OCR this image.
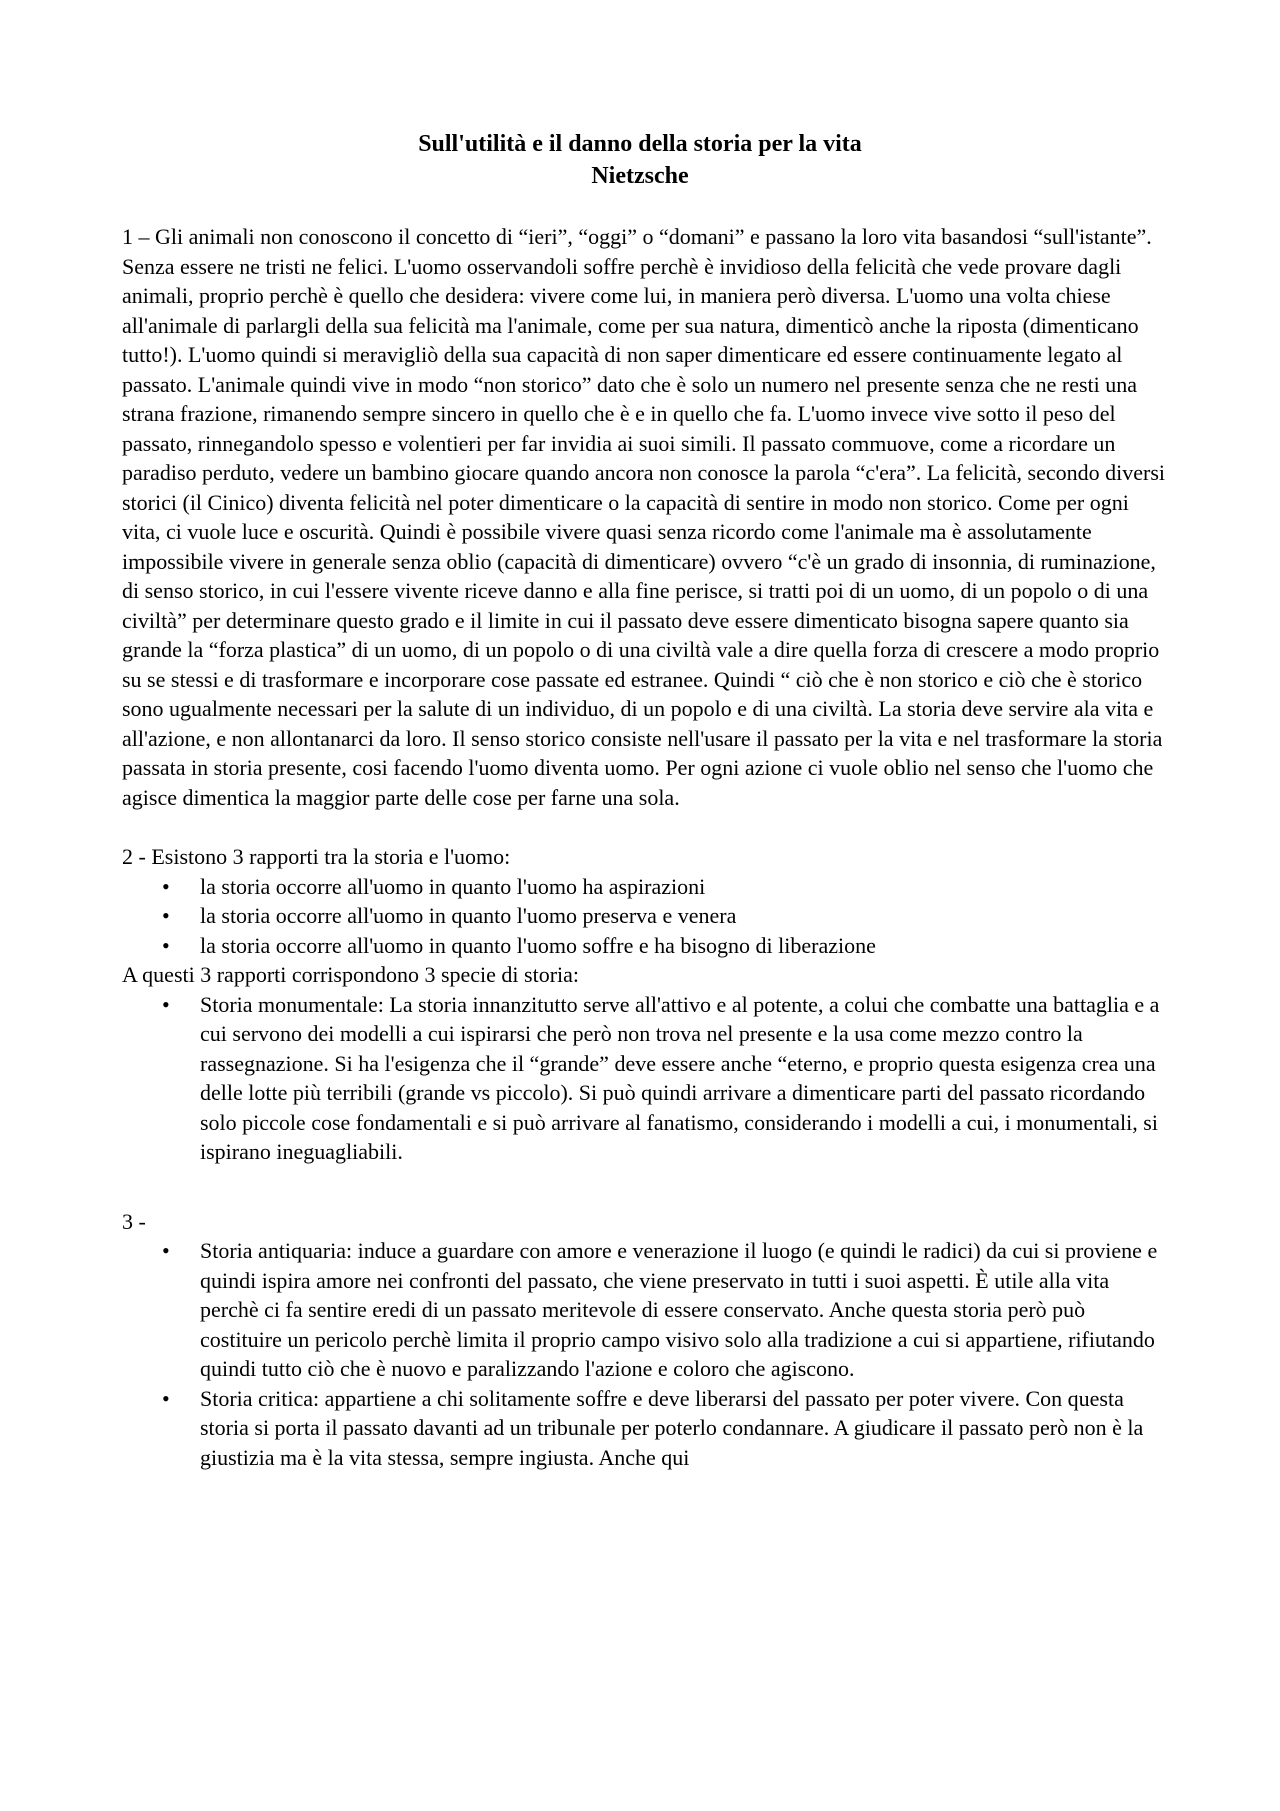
Sull'utilità e il danno della storia per la vita

Nietzsche

1 – Gli animali non conoscono il concetto di “ieri”, “oggi” o “domani” e passano la loro vita basandosi “sull'istante”. Senza essere ne tristi ne felici. L'uomo osservandoli soffre perchè è invidioso della felicità che vede provare dagli animali, proprio perchè è quello che desidera: vivere come lui, in maniera però diversa. L'uomo una volta chiese all'animale di parlargli della sua felicità ma l'animale, come per sua natura, dimenticò anche la riposta (dimenticano tutto!). L'uomo quindi si meravigliò della sua capacità di non saper dimenticare ed essere continuamente legato al passato. L'animale quindi vive in modo “non storico” dato che è solo un numero nel presente senza che ne resti una strana frazione, rimanendo sempre sincero in quello che è e in quello che fa. L'uomo invece vive sotto il peso del passato, rinnegandolo spesso e volentieri per far invidia ai suoi simili. Il passato commuove, come a ricordare un paradiso perduto, vedere un bambino giocare quando ancora non conosce la parola “c'era”. La felicità, secondo diversi storici (il Cinico) diventa felicità nel poter dimenticare o la capacità di sentire in modo non storico. Come per ogni vita, ci vuole luce e oscurità. Quindi è possibile vivere quasi senza ricordo come l'animale ma è assolutamente impossibile vivere in generale senza oblio (capacità di dimenticare) ovvero “c'è un grado di insonnia, di ruminazione, di senso storico, in cui l'essere vivente riceve danno e alla fine perisce, si tratti poi di un uomo, di un popolo o di una civiltà” per determinare questo grado e il limite in cui il passato deve essere dimenticato bisogna sapere quanto sia grande la “forza plastica” di un uomo, di un popolo o di una civiltà vale a dire quella forza di crescere a modo proprio su se stessi e di trasformare e incorporare cose passate ed estranee. Quindi “ ciò che è non storico e ciò che è storico sono ugualmente necessari per la salute di un individuo, di un popolo e di una civiltà. La storia deve servire ala vita e all'azione, e non allontanarci da loro. Il senso storico consiste nell'usare il passato per la vita e nel trasformare la storia passata in storia presente, cosi facendo l'uomo diventa uomo. Per ogni azione ci vuole oblio nel senso che l'uomo che agisce dimentica la maggior parte delle cose per farne una sola.

2 - Esistono 3 rapporti tra la storia e l'uomo:

• la storia occorre all'uomo in quanto l'uomo ha aspirazioni
• la storia occorre all'uomo in quanto l'uomo preserva e venera
• la storia occorre all'uomo in quanto l'uomo soffre e ha bisogno di liberazione

A questi 3 rapporti corrispondono 3 specie di storia:

• Storia monumentale: La storia innanzitutto serve all'attivo e al potente, a colui che combatte una battaglia e a cui servono dei modelli a cui ispirarsi che però non trova nel presente e la usa come mezzo contro la rassegnazione. Si ha l'esigenza che il “grande” deve essere anche “eterno, e proprio questa esigenza crea una delle lotte più terribili (grande vs piccolo). Si può quindi arrivare a dimenticare parti del passato ricordando solo piccole cose fondamentali e si può arrivare al fanatismo, considerando i modelli a cui, i monumentali, si ispirano ineguagliabili.

3 -

• Storia antiquaria: induce a guardare con amore e venerazione il luogo (e quindi le radici) da cui si proviene e quindi ispira amore nei confronti del passato, che viene preservato in tutti i suoi aspetti. È utile alla vita perchè ci fa sentire eredi di un passato meritevole di essere conservato. Anche questa storia però può costituire un pericolo perchè limita il proprio campo visivo solo alla tradizione a cui si appartiene, rifiutando quindi tutto ciò che è nuovo e paralizzando l'azione e coloro che agiscono.
• Storia critica: appartiene a chi solitamente soffre e deve liberarsi del passato per poter vivere. Con questa storia si porta il passato davanti ad un tribunale per poterlo condannare. A giudicare il passato però non è la giustizia ma è la vita stessa, sempre ingiusta. Anche qui
